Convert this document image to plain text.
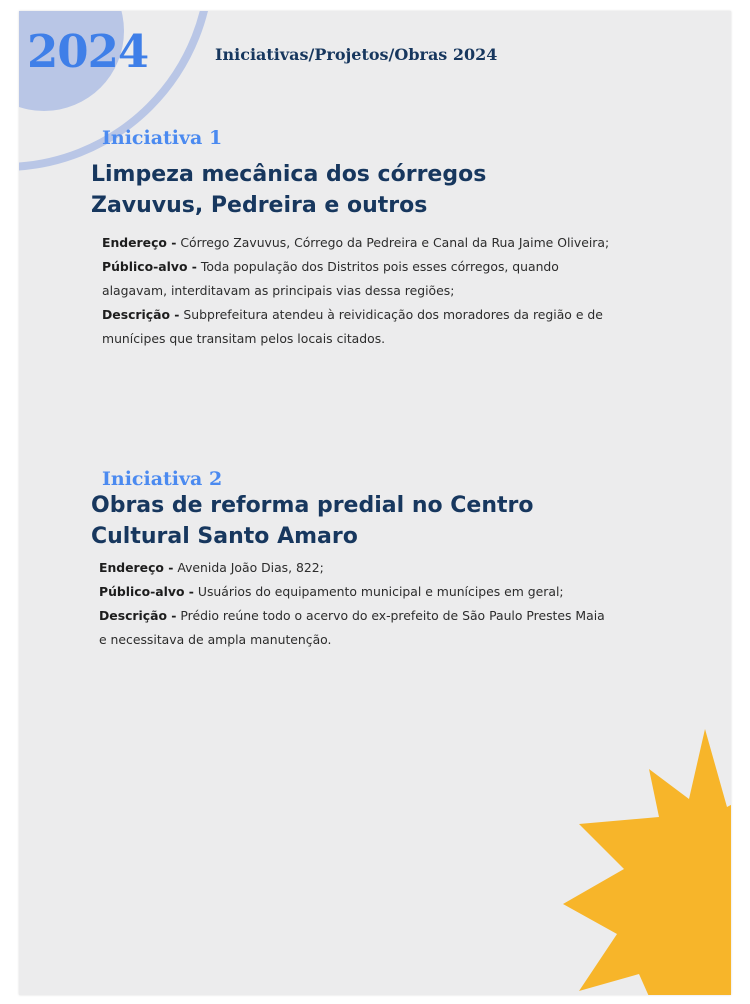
2024	Iniciativas/Projetos/Obras 2024
Iniciativa 1
Limpeza mecânica dos córregos
Zavuvus, Pedreira e outros

Endereço - Córrego Zavuvus, Córrego da Pedreira e Canal da Rua Jaime Oliveira;

Público-alvo - Toda população dos Distritos pois esses córregos, quando
alagavam, interditavam as principais vias dessa regiões;

Descrição - Subprefeitura atendeu à reividicação dos moradores da região e de
munícipes que transitam pelos locais citados.

Iniciativa 2
Obras de reforma predial no Centro
Cultural Santo Amaro

Endereço - Avenida João Dias, 822;

Público-alvo - Usuários do equipamento municipal e munícipes em geral;

Descrição - Prédio reúne todo o acervo do ex-prefeito de São Paulo Prestes Maia
e necessitava de ampla manutenção.
